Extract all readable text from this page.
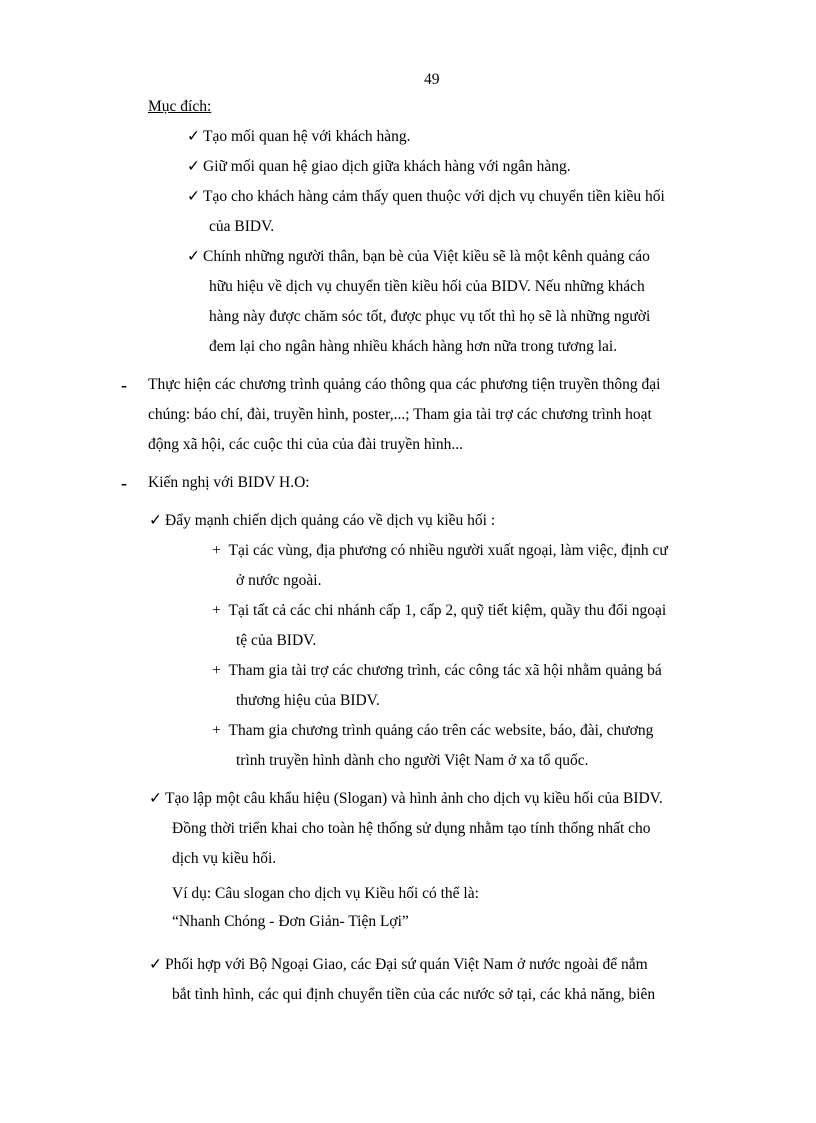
49
Mục đích:
✓ Tạo mối quan hệ với khách hàng.
✓ Giữ mối quan hệ giao dịch giữa khách hàng với ngân hàng.
✓ Tạo cho khách hàng cảm thấy quen thuộc với dịch vụ chuyển tiền kiều hối
của BIDV.
✓ Chính những người thân, bạn bè của Việt kiều sẽ là một kênh quảng cáo
hữu hiệu về dịch vụ chuyển tiền kiều hối của BIDV. Nếu những khách
hàng này được chăm sóc tốt, được phục vụ tốt thì họ sẽ là những người
đem lại cho ngân hàng nhiều khách hàng hơn nữa trong tương lai.
- Thực hiện các chương trình quảng cáo thông qua các phương tiện truyền thông đại
chúng: báo chí, đài, truyền hình, poster,...; Tham gia tài trợ các chương trình hoạt
động xã hội, các cuộc thi của của đài truyền hình...
- Kiến nghị với BIDV H.O:
✓ Đẩy mạnh chiến dịch quảng cáo về dịch vụ kiều hối :
+ Tại các vùng, địa phương có nhiều người xuất ngoại, làm việc, định cư
ở nước ngoài.
+ Tại tất cả các chi nhánh cấp 1, cấp 2, quỹ tiết kiệm, quầy thu đổi ngoại
tệ của BIDV.
+ Tham gia tài trợ các chương trình, các công tác xã hội nhằm quảng bá
thương hiệu của BIDV.
+ Tham gia chương trình quảng cáo trên các website, báo, đài, chương
trình truyền hình dành cho người Việt Nam ở xa tổ quốc.
✓ Tạo lập một câu khẩu hiệu (Slogan) và hình ảnh cho dịch vụ kiều hối của BIDV.
Đồng thời triển khai cho toàn hệ thống sử dụng nhằm tạo tính thống nhất cho
dịch vụ kiều hối.
Ví dụ: Câu slogan cho dịch vụ Kiều hối có thể là:
“Nhanh Chóng - Đơn Giản- Tiện Lợi”
✓ Phối hợp với Bộ Ngoại Giao, các Đại sứ quán Việt Nam ở nước ngoài để nắm
bắt tình hình, các qui định chuyển tiền của các nước sở tại, các khả năng, biên
